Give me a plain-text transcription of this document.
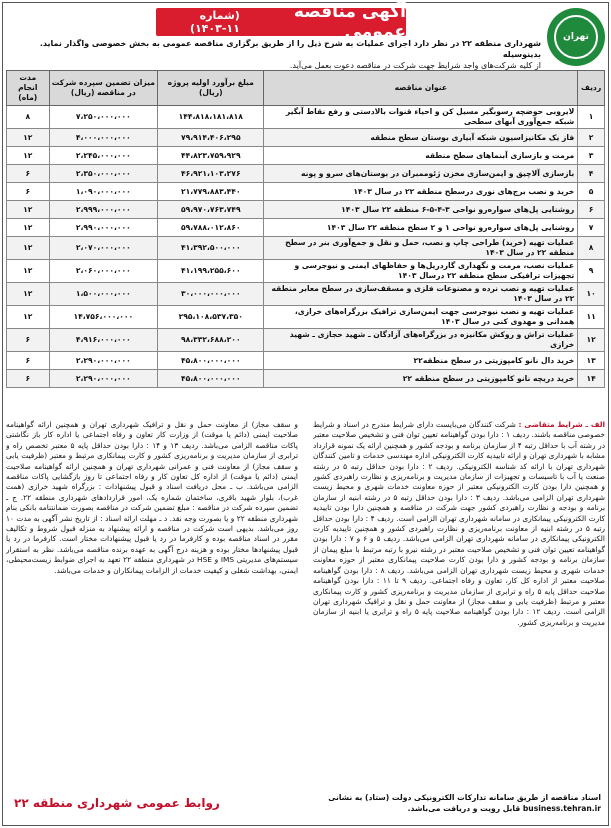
تهران
آگهی مناقصه عمومی
(شماره ۱۱-۱۴۰۳)
شهرداری منطقه ۲۲ در نظر دارد اجرای عملیات به شرح ذیل را از طریق برگزاری مناقصه عمومی به بخش خصوصی واگذار نماید. بدینوسیله
از کلیه شرکت‌های واجد شرایط جهت شرکت در مناقصه دعوت بعمل می‌آید.
ردیف	عنوان مناقصه	مبلغ برآورد اولیه پروژه (ریال)	میزان تضمین سپرده شرکت در مناقصه (ریال)	مدت انجام (ماه)
۱	لایروبی حوضچه رسوبگیر مسیل کن و احیاء قنوات بالادستی و رفع نقاط آبگیر شبکه جمع‌آوری آبهای سطحی	۱۴۴،۸۱۸،۱۸۱،۸۱۸	۷،۲۵۰،۰۰۰،۰۰۰	۸
۲	فاز یک مکانیزاسیون شبکه آبیاری بوستان سطح منطقه	۷۹،۹۱۴،۴۰۶،۲۹۵	۴،۰۰۰،۰۰۰،۰۰۰	۱۲
۳	مرمت و بازسازی آبنماهای سطح منطقه	۴۴،۸۲۳،۷۵۹،۹۲۹	۲،۲۴۵،۰۰۰،۰۰۰	۱۲
۴	بازسازی آلاچیق و ایمن‌سازی مخزن ژئوممبران در بوستان‌های سرو و پونه	۴۶،۹۲۱،۱۰۳،۲۷۶	۲،۳۵۰،۰۰۰،۰۰۰	۶
۵	خرید و نصب برج‌های نوری درسطح منطقه ۲۲ در سال ۱۴۰۳	۲۱،۷۷۹،۸۸۳،۴۴۰	۱،۰۹۰،۰۰۰،۰۰۰	۶
۶	روشنایی پل‌های سواره‌رو نواحی ۳-۴-۵-۶ منطقه ۲۲ سال ۱۴۰۳	۵۹،۹۷۰،۷۶۳،۷۴۹	۲،۹۹۹،۰۰۰،۰۰۰	۱۲
۷	روشنایی پل‌های سواره‌رو نواحی ۱ و ۲ سطح منطقه ۲۲ سال ۱۴۰۳	۵۹،۷۸۸،۰۱۲،۸۶۰	۲،۹۹۰،۰۰۰،۰۰۰	۱۲
۸	عملیات تهیه (خرید) طراحی چاپ و نصب، حمل و نقل و جمع‌آوری بنر در سطح منطقه ۲۲ در سال ۱۴۰۳	۴۱،۳۹۲،۵۰۰،۰۰۰	۲،۰۷۰،۰۰۰،۰۰۰	۱۲
۹	عملیات نصب، مرمت و نگهداری گاردریل‌ها و حفاظهای ایمنی و نیوجرسی و تجهیزات ترافیکی سطح منطقه ۲۲ درسال ۱۴۰۳	۴۱،۱۹۹،۲۵۵،۶۰۰	۲،۰۶۰،۰۰۰،۰۰۰	۱۲
۱۰	عملیات تهیه و نصب نرده و مصنوعات فلزی و مسقف‌سازی در سطح معابر منطقه ۲۲ در سال ۱۴۰۳	۳۰،۰۰۰،۰۰۰،۰۰۰	۱،۵۰۰،۰۰۰،۰۰۰	۱۲
۱۱	عملیات تهیه و نصب نیوجرسی جهت ایمن‌سازی ترافیک بزرگراه‌های خرازی، همدانی و مهدوی کنی در سال ۱۴۰۳	۲۹۵،۱۰۸،۵۳۷،۳۵۰	۱۴،۷۵۶،۰۰۰،۰۰۰	۱۲
۱۲	عملیات تراش و روکش مکانیزه در بزرگراه‌های آزادگان ـ شهید حجازی ـ شهید خرازی	۹۸،۳۳۲،۶۸۸،۲۰۰	۴،۹۱۶،۰۰۰،۰۰۰	۶
۱۳	خرید دال نانو کامپوزیتی در سطح منطقه۲۲	۴۵،۸۰۰،۰۰۰،۰۰۰	۲،۲۹۰،۰۰۰،۰۰۰	۶
۱۴	خرید دریچه نانو کامپوزیتی در سطح منطقه ۲۲	۴۵،۸۰۰،۰۰۰،۰۰۰	۲،۲۹۰،۰۰۰،۰۰۰	۶
الف ـ شرایط متقاضی : شرکت کنندگان می‌بایست دارای شرایط مندرج در اسناد و شرایط خصوصی مناقصه باشند. ردیف ۱ : دارا بودن گواهینامه تعیین توان فنی و تشخیص صلاحیت معتبر در رشته آب با حداقل رتبه ۴ از سازمان برنامه و بودجه کشور و همچنین ارائه یک نمونه قرارداد مشابه با شهرداری تهران و ارائه تاییدیه کارت الکترونیکی اداره مهندسی خدمات و تامین کنندگان شهرداری تهران با ارائه کد شناسه الکترونیکی. ردیف ۲ : دارا بودن حداقل رتبه ۵ در رشته صنعت یا آب با تاسیسات و تجهیزات از سازمان مدیریت و برنامه‌ریزی و نظارت راهبردی کشور و همچنین دارا بودن کارت الکترونیکی معتبر از حوزه معاونت خدمات شهری و محیط زیست شهرداری تهران الزامی می‌باشد. ردیف ۳ : دارا بودن حداقل رتبه ۵ در رشته ابنیه از سازمان برنامه و بودجه و نظارت راهبردی کشور جهت شرکت در مناقصه و همچنین دارا بودن تاییدیه کارت الکترونیکی پیمانکاری در سامانه شهرداری تهران الزامی است. ردیف ۴ : دارا بودن حداقل رتبه ۵ در رشته ابنیه از معاونت برنامه‌ریزی و نظارت راهبردی کشور و همچنین تاییدیه کارت الکترونیکی پیمانکاری در سامانه شهرداری تهران الزامی می‌باشد. ردیف ۵ و ۶ و ۷ : دارا بودن گواهینامه تعیین توان فنی و تشخیص صلاحیت معتبر در رشته نیرو با رتبه مرتبط با مبلغ پیمان از سازمان برنامه و بودجه کشور و دارا بودن کارت صلاحیت پیمانکاری معتبر از حوزه معاونت خدمات شهری و محیط زیست شهرداری تهران الزامی می‌باشد. ردیف ۸ : دارا بودن گواهینامه صلاحیت معتبر از اداره کل کار، تعاون و رفاه اجتماعی. ردیف ۹ تا ۱۱ : دارا بودن گواهینامه صلاحیت حداقل پایه ۵ راه و ترابری از سازمان مدیریت و برنامه‌ریزی کشور و کارت پیمانکاری معتبر و مرتبط (ظرفیت یابی و سقف مجاز) از معاونت حمل و نقل و ترافیک شهرداری تهران الزامی است. ردیف ۱۲ : دارا بودن گواهینامه صلاحیت پایه ۵ راه و ترابری یا ابنیه از سازمان مدیریت و برنامه‌ریزی کشور.
و سقف مجاز) از معاونت حمل و نقل و ترافیک شهرداری تهران و همچنین ارائه گواهینامه صلاحیت ایمنی (دائم یا موقت) از وزارت کار تعاون و رفاه اجتماعی یا اداره کار باز نگاشتی پاکات مناقصه الزامی می‌باشد. ردیف ۱۳ و ۱۴ : دارا بودن حداقل پایه ۵ معتبر تخصص راه و ترابری از سازمان مدیریت و برنامه‌ریزی کشور و کارت پیمانکاری مرتبط و معتبر (ظرفیت یابی و سقف مجاز) از معاونت فنی و عمرانی شهرداری تهران و همچنین ارائه گواهینامه صلاحیت ایمنی (دائم یا موقت) از اداره کل تعاون کار و رفاه اجتماعی تا روز بازگشایی پاکات مناقصه الزامی می‌باشد. ب ـ محل دریافت اسناد و قبول پیشنهادات : بزرگراه شهید خرازی (همت غرب)، بلوار شهید باقری، ساختمان شماره یک، امور قراردادهای شهرداری منطقه ۲۲. ج ـ تضمین سپرده شرکت در مناقصه : مبلغ تضمین شرکت در مناقصه بصورت ضمانتنامه بانکی بنام شهرداری منطقه ۲۲ و یا بصورت وجه نقد. د ـ مهلت ارائه اسناد : از تاریخ نشر آگهی به مدت ۱۰ روز می‌باشد. بدیهی است شرکت در مناقصه و ارائه پیشنهاد به منزله قبول شروط و تکالیف مقرر در اسناد مناقصه بوده و کارفرما در رد یا قبول پیشنهادات مختار است. کارفرما در رد یا قبول پیشنهادها مختار بوده و هزینه درج آگهی به عهده برنده مناقصه می‌باشد. نظر به استقرار سیستم‌های مدیریتی IMS و HSE در شهرداری منطقه ۲۲ تعهد به اجرای ضوابط زیست‌محیطی، ایمنی، بهداشت شغلی و کیفیت خدمات از الزامات پیمانکاران و خدمات می‌باشد.
اسناد مناقصه از طریق سامانه تدارکات الکترونیکی دولت (ستاد) به نشانی
business.tehran.ir قابل رویت و دریافت می‌باشد.
روابط عمومی شهرداری منطقه ۲۲
